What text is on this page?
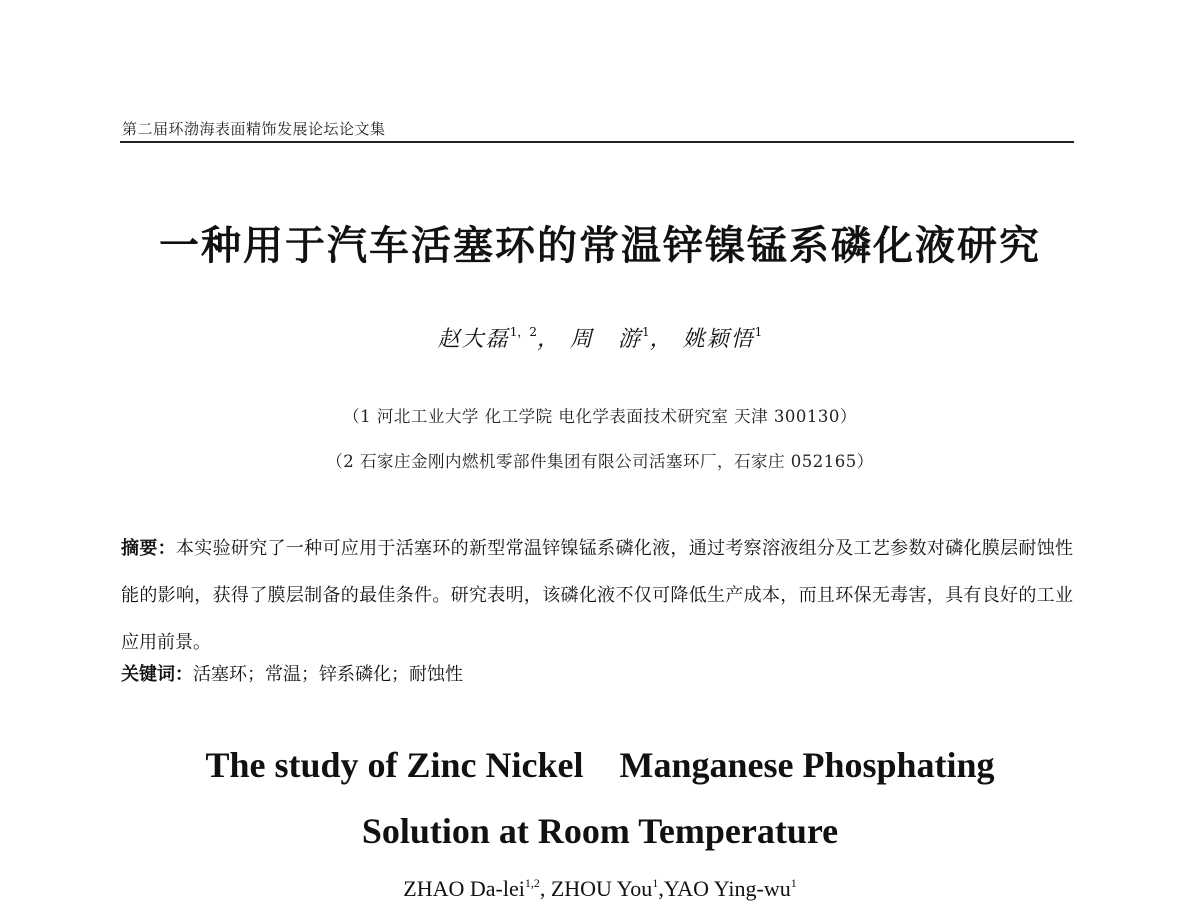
第二届环渤海表面精饰发展论坛论文集
一种用于汽车活塞环的常温锌镍锰系磷化液研究
赵大磊$^{1,2}$， 周　游$^1$， 姚颖悟$^1$
（1 河北工业大学 化工学院 电化学表面技术研究室 天津 300130）
（2 石家庄金刚内燃机零部件集团有限公司活塞环厂，石家庄 052165）
摘要：本实验研究了一种可应用于活塞环的新型常温锌镍锰系磷化液，通过考察溶液组分及工艺参数对磷化膜层耐蚀性能的影响，获得了膜层制备的最佳条件。研究表明，该磷化液不仅可降低生产成本，而且环保无毒害，具有良好的工业应用前景。
关键词：活塞环；常温；锌系磷化；耐蚀性
The study of Zinc Nickel    Manganese Phosphating
Solution at Room Temperature
ZHAO Da-lei$^{1,2}$, ZHOU You$^1$,YAO Ying-$wu^1$
